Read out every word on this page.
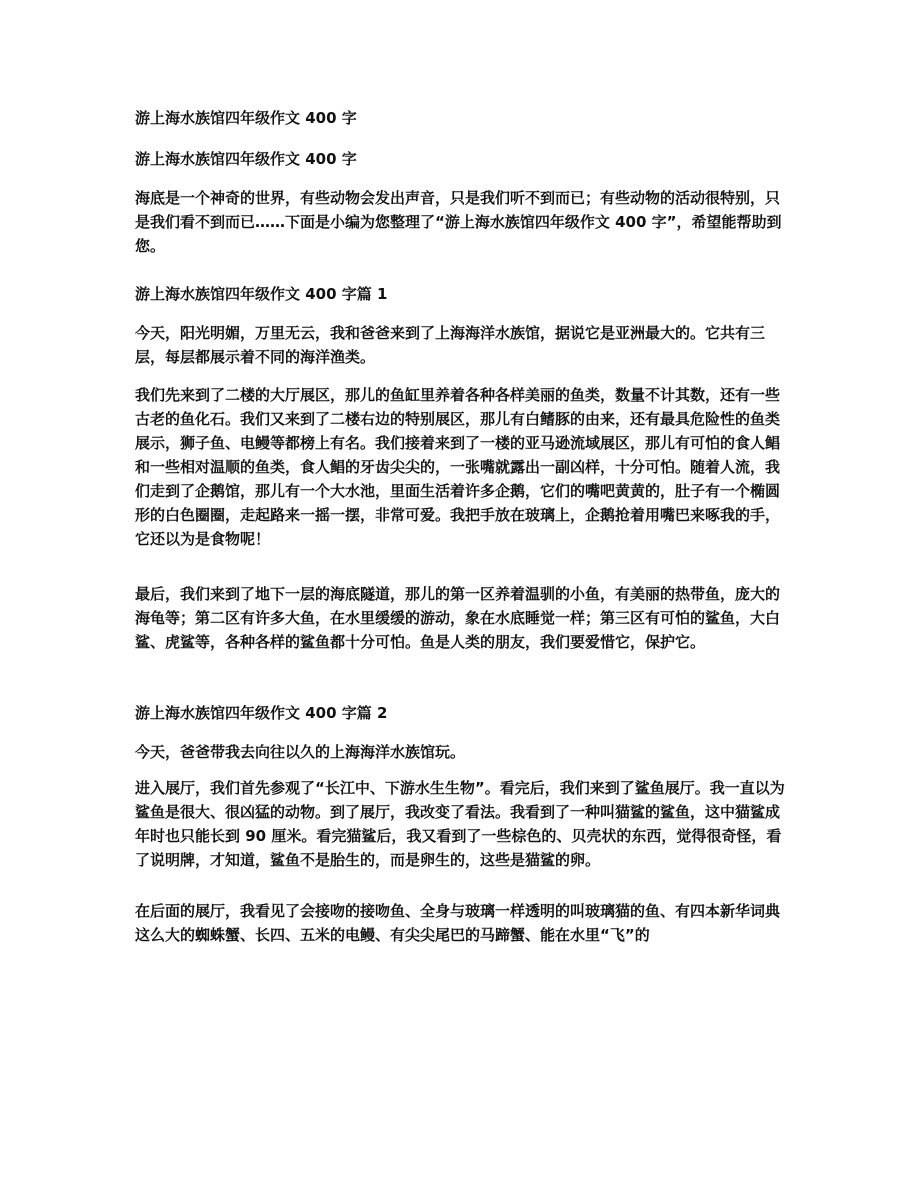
游上海水族馆四年级作文 400 字

游上海水族馆四年级作文 400 字

海底是一个神奇的世界，有些动物会发出声音，只是我们听不到而已；有些动物的活动很特别，只是我们看不到而已……下面是小编为您整理了“游上海水族馆四年级作文 400 字”，希望能帮助到您。

游上海水族馆四年级作文 400 字篇 1

今天，阳光明媚，万里无云，我和爸爸来到了上海海洋水族馆，据说它是亚洲最大的。它共有三层，每层都展示着不同的海洋渔类。

我们先来到了二楼的大厅展区，那儿的鱼缸里养着各种各样美丽的鱼类，数量不计其数，还有一些古老的鱼化石。我们又来到了二楼右边的特别展区，那儿有白鳍豚的由来，还有最具危险性的鱼类展示，狮子鱼、电鳗等都榜上有名。我们接着来到了一楼的亚马逊流域展区，那儿有可怕的食人鲳和一些相对温顺的鱼类，食人鲳的牙齿尖尖的，一张嘴就露出一副凶样，十分可怕。随着人流，我们走到了企鹅馆，那儿有一个大水池，里面生活着许多企鹅，它们的嘴吧黄黄的，肚子有一个椭圆形的白色圈圈，走起路来一摇一摆，非常可爱。我把手放在玻璃上，企鹅抢着用嘴巴来啄我的手，它还以为是食物呢！

最后，我们来到了地下一层的海底隧道，那儿的第一区养着温驯的小鱼，有美丽的热带鱼，庞大的海龟等；第二区有许多大鱼，在水里缓缓的游动，象在水底睡觉一样；第三区有可怕的鲨鱼，大白鲨、虎鲨等，各种各样的鲨鱼都十分可怕。鱼是人类的朋友，我们要爱惜它，保护它。

游上海水族馆四年级作文 400 字篇 2

今天，爸爸带我去向往以久的上海海洋水族馆玩。

进入展厅，我们首先参观了“长江中、下游水生生物”。看完后，我们来到了鲨鱼展厅。我一直以为鲨鱼是很大、很凶猛的动物。到了展厅，我改变了看法。我看到了一种叫猫鲨的鲨鱼，这中猫鲨成年时也只能长到 90 厘米。看完猫鲨后，我又看到了一些棕色的、贝壳状的东西，觉得很奇怪，看了说明牌，才知道，鲨鱼不是胎生的，而是卵生的，这些是猫鲨的卵。

在后面的展厅，我看见了会接吻的接吻鱼、全身与玻璃一样透明的叫玻璃猫的鱼、有四本新华词典这么大的蜘蛛蟹、长四、五米的电鳗、有尖尖尾巴的马蹄蟹、能在水里“飞”的
